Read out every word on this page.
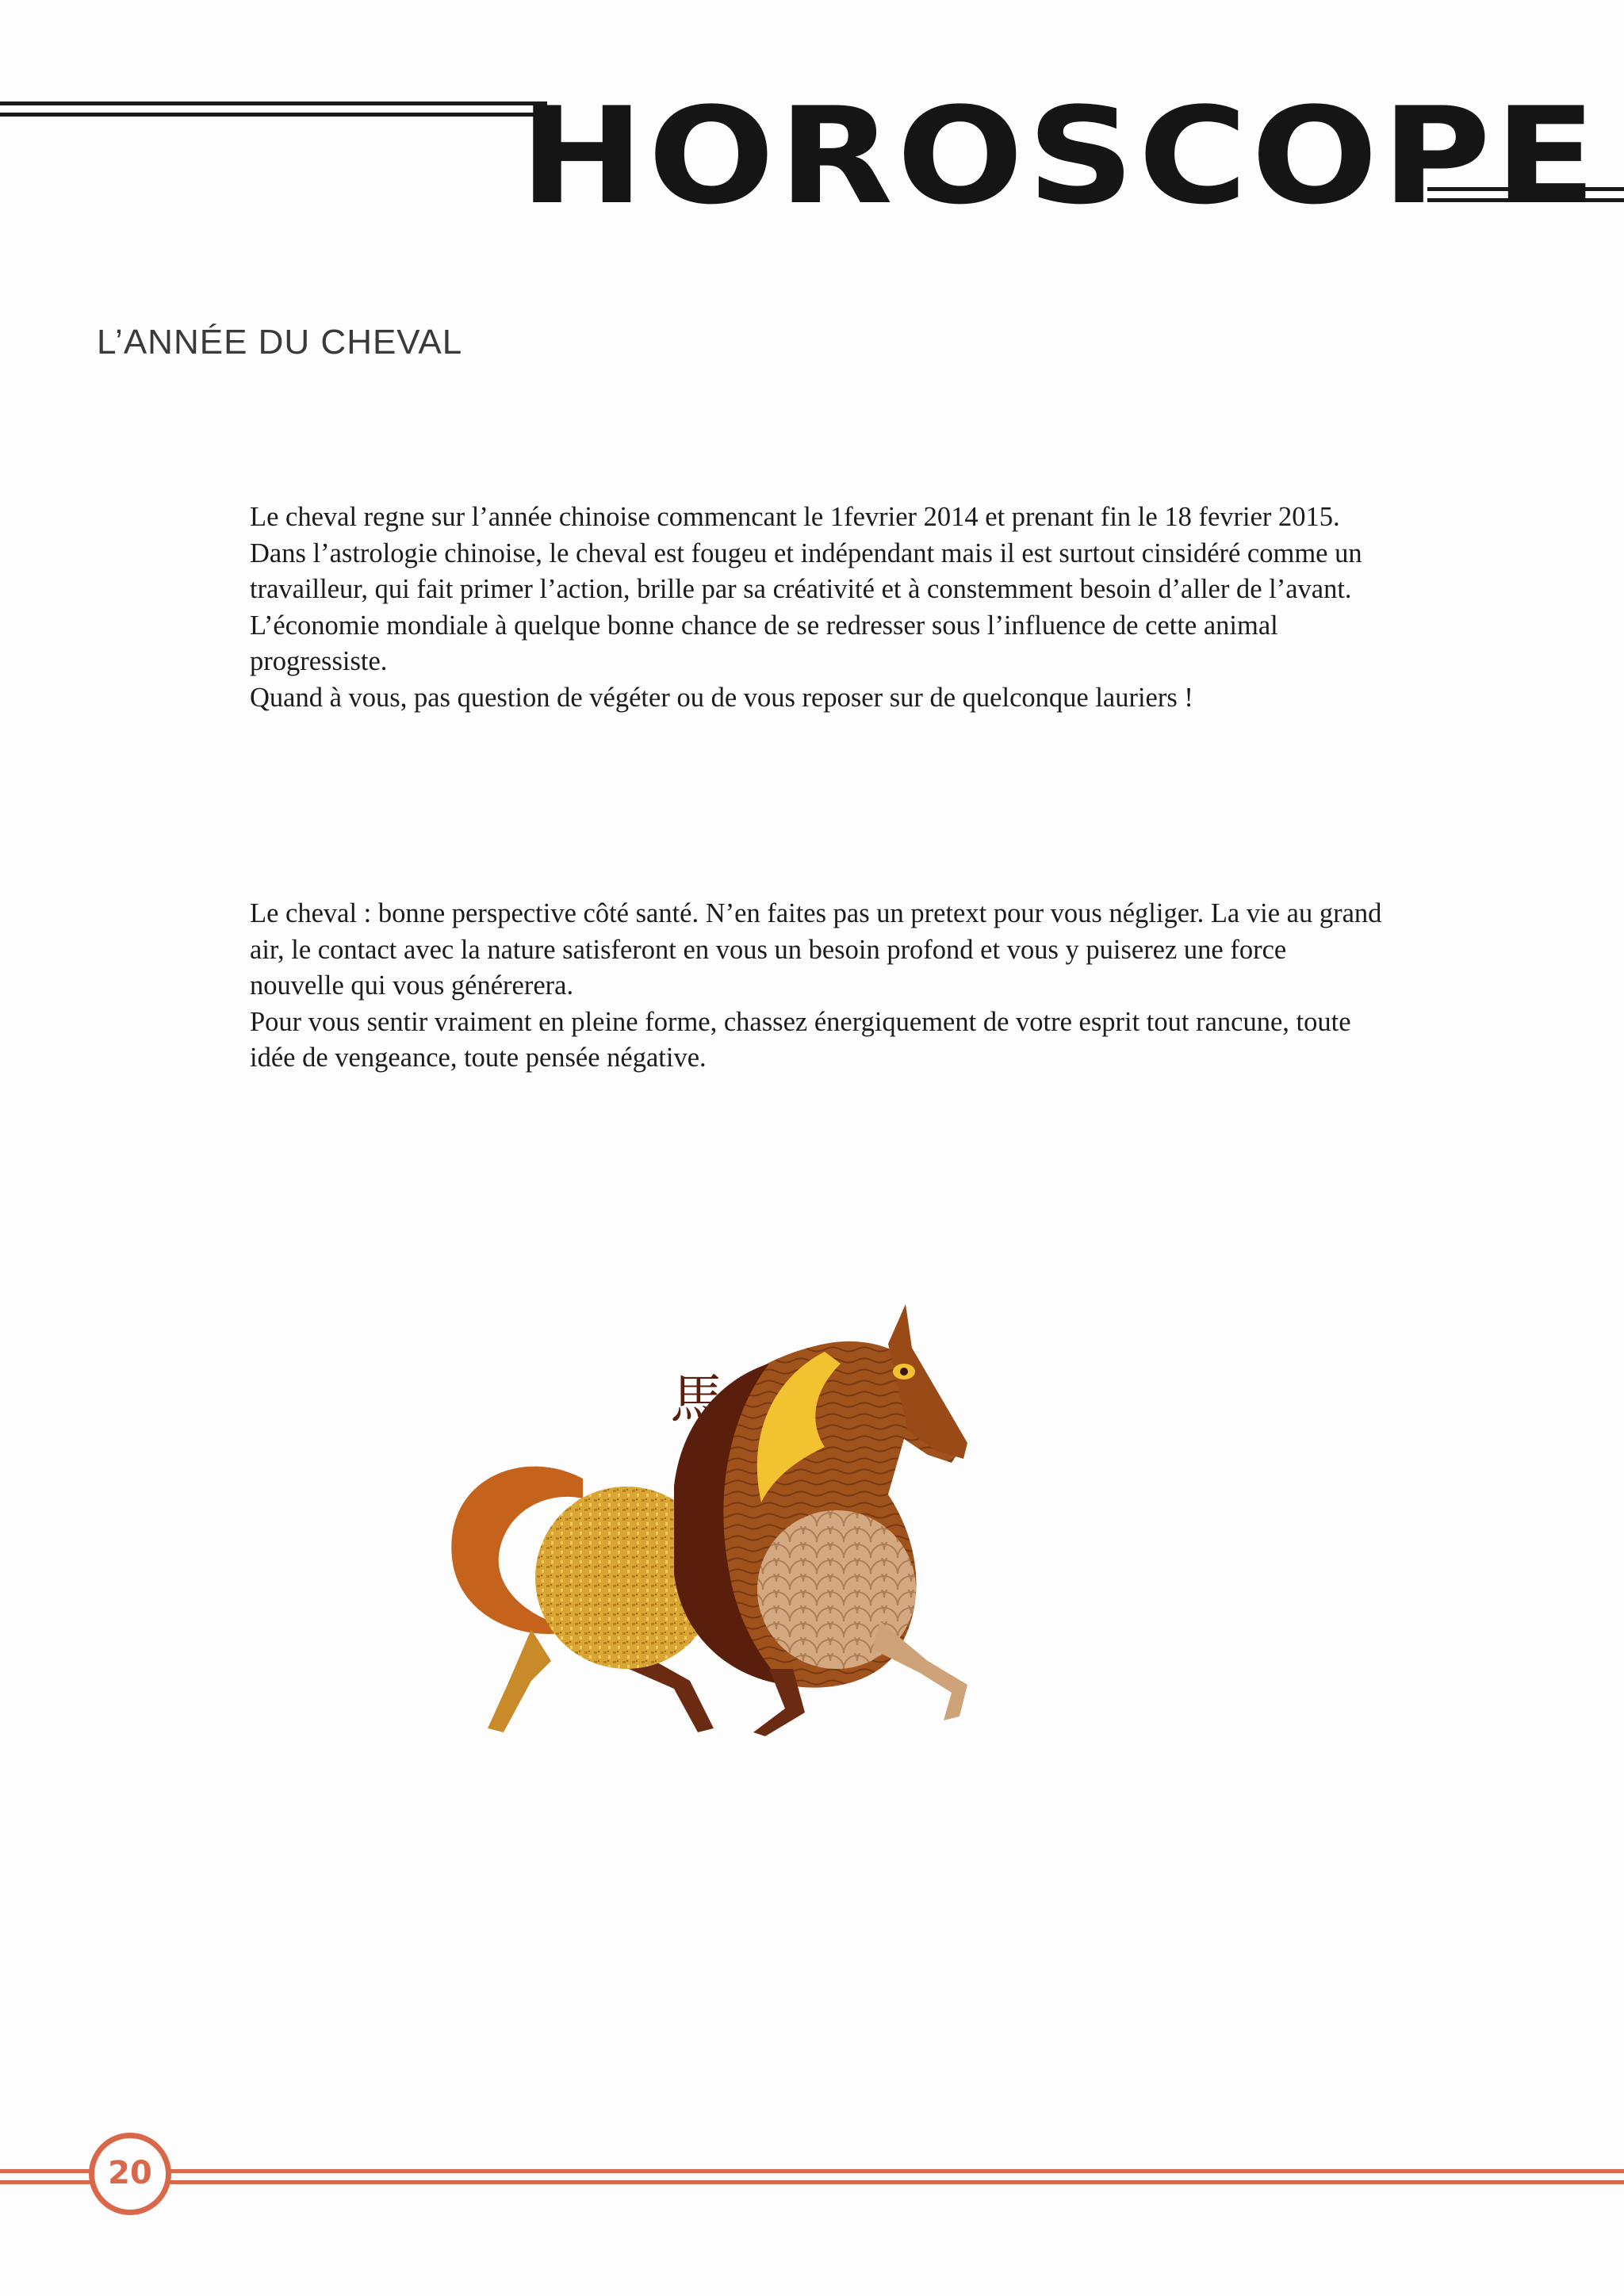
HOROSCOPE
L’ANNÉE DU CHEVAL

Le cheval regne sur l’année chinoise commencant le 1fevrier 2014 et prenant fin le 18 fevrier 2015.

Dans l’astrologie chinoise, le cheval est fougeu et indépendant mais il est surtout cinsidéré comme un travailleur, qui fait primer l’action, brille par sa créativité et à constemment besoin d’aller de l’avant.

L’économie mondiale à quelque bonne chance de se redresser sous l’influence de cette animal progressiste.

Quand à vous, pas question de végéter ou de vous reposer sur de quelconque lauriers !

Le cheval : bonne perspective côté santé. N’en faites pas un pretext pour vous négliger. La vie au grand air, le contact avec la nature satisferont en vous un besoin profond et vous y puiserez une force nouvelle qui vous générerera.

Pour vous sentir vraiment en pleine forme, chassez énergiquement de votre esprit tout rancune, toute idée de vengeance, toute pensée négative.

馬
20
